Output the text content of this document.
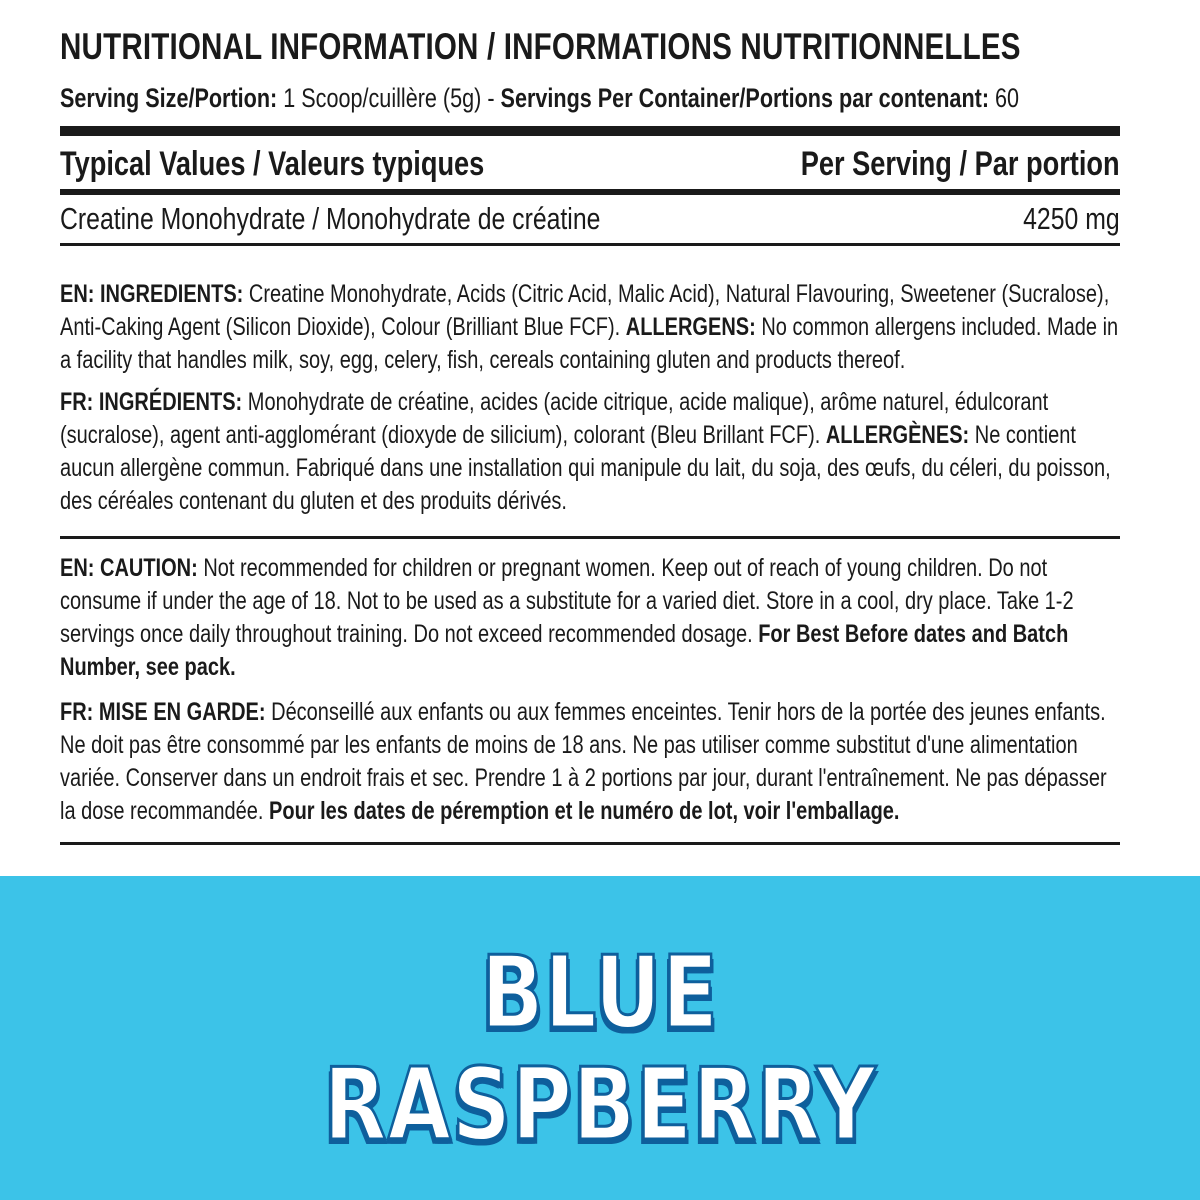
NUTRITIONAL INFORMATION / INFORMATIONS NUTRITIONNELLES
Serving Size/Portion: 1 Scoop/cuillère (5g) - Servings Per Container/Portions par contenant: 60
Typical Values / Valeurs typiques	Per Serving / Par portion
Creatine Monohydrate / Monohydrate de créatine	4250 mg
EN: INGREDIENTS: Creatine Monohydrate, Acids (Citric Acid, Malic Acid), Natural Flavouring, Sweetener (Sucralose), Anti-Caking Agent (Silicon Dioxide), Colour (Brilliant Blue FCF). ALLERGENS: No common allergens included. Made in a facility that handles milk, soy, egg, celery, fish, cereals containing gluten and products thereof.
FR: INGRÉDIENTS: Monohydrate de créatine, acides (acide citrique, acide malique), arôme naturel, édulcorant (sucralose), agent anti-agglomérant (dioxyde de silicium), colorant (Bleu Brillant FCF). ALLERGÈNES: Ne contient aucun allergène commun. Fabriqué dans une installation qui manipule du lait, du soja, des œufs, du céleri, du poisson, des céréales contenant du gluten et des produits dérivés.
EN: CAUTION: Not recommended for children or pregnant women. Keep out of reach of young children. Do not consume if under the age of 18. Not to be used as a substitute for a varied diet. Store in a cool, dry place. Take 1-2 servings once daily throughout training. Do not exceed recommended dosage. For Best Before dates and Batch Number, see pack.
FR: MISE EN GARDE: Déconseillé aux enfants ou aux femmes enceintes. Tenir hors de la portée des jeunes enfants. Ne doit pas être consommé par les enfants de moins de 18 ans. Ne pas utiliser comme substitut d'une alimentation variée. Conserver dans un endroit frais et sec. Prendre 1 à 2 portions par jour, durant l'entraînement. Ne pas dépasser la dose recommandée. Pour les dates de péremption et le numéro de lot, voir l'emballage.
BLUE
RASPBERRY
